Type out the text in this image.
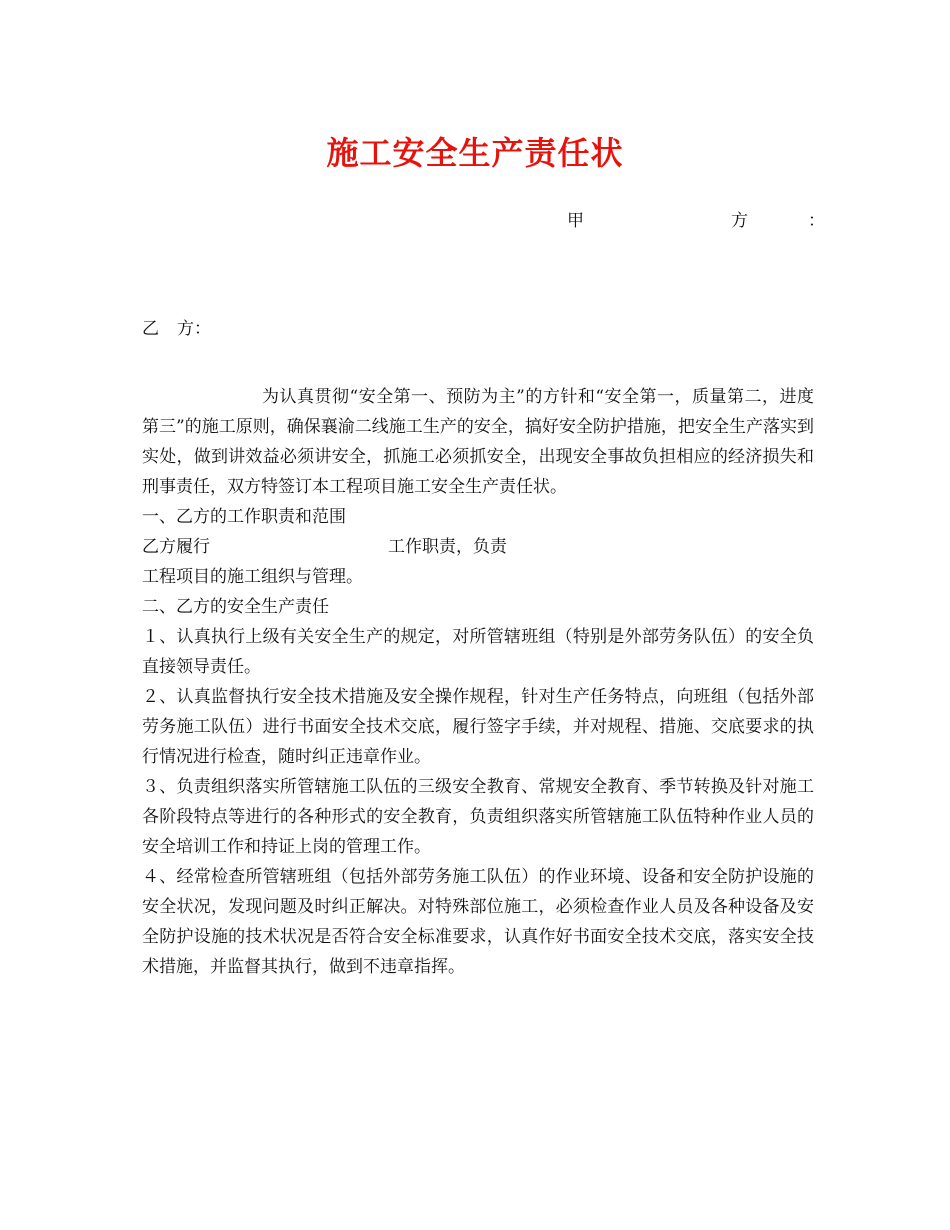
施工安全生产责任状
甲	方	：
乙 方：

为认真贯彻“安全第一、预防为主”的方针和“安全第一，质量第二，进度第三”的施工原则，确保襄渝二线施工生产的安全，搞好安全防护措施，把安全生产落实到实处，做到讲效益必须讲安全，抓施工必须抓安全，出现安全事故负担相应的经济损失和刑事责任，双方特签订本工程项目施工安全生产责任状。

一、乙方的工作职责和范围

乙方履行	工作职责，负责

工程项目的施工组织与管理。

二、乙方的安全生产责任

１、认真执行上级有关安全生产的规定，对所管辖班组（特别是外部劳务队伍）的安全负直接领导责任。

２、认真监督执行安全技术措施及安全操作规程，针对生产任务特点，向班组（包括外部劳务施工队伍）进行书面安全技术交底，履行签字手续，并对规程、措施、交底要求的执行情况进行检查，随时纠正违章作业。

３、负责组织落实所管辖施工队伍的三级安全教育、常规安全教育、季节转换及针对施工各阶段特点等进行的各种形式的安全教育，负责组织落实所管辖施工队伍特种作业人员的安全培训工作和持证上岗的管理工作。

４、经常检查所管辖班组（包括外部劳务施工队伍）的作业环境、设备和安全防护设施的安全状况，发现问题及时纠正解决。对特殊部位施工，必须检查作业人员及各种设备及安全防护设施的技术状况是否符合安全标准要求，认真作好书面安全技术交底，落实安全技术措施，并监督其执行，做到不违章指挥。
